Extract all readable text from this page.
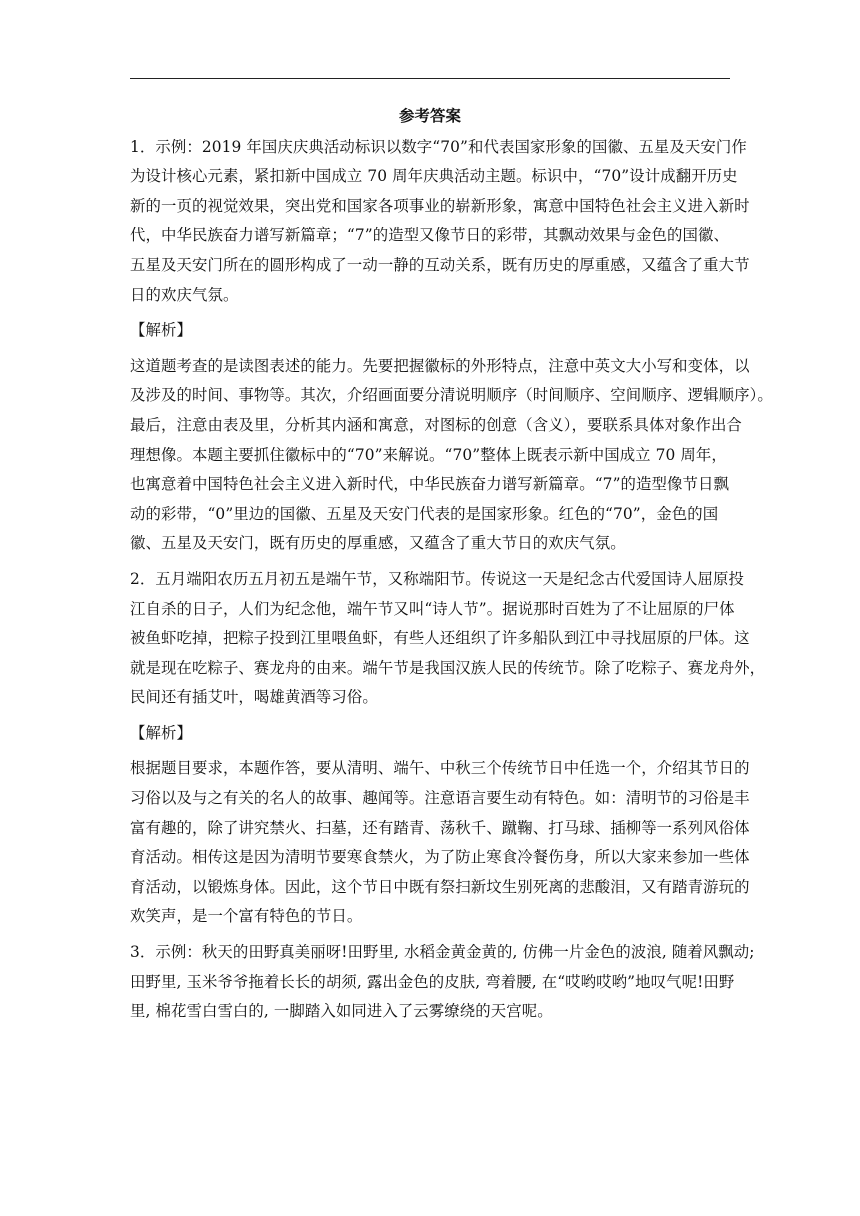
参考答案
1．示例：2019 年国庆庆典活动标识以数字“70”和代表国家形象的国徽、五星及天安门作
为设计核心元素，紧扣新中国成立 70 周年庆典活动主题。标识中，“70”设计成翻开历史
新的一页的视觉效果，突出党和国家各项事业的崭新形象，寓意中国特色社会主义进入新时
代，中华民族奋力谱写新篇章；“7”的造型又像节日的彩带，其飘动效果与金色的国徽、
五星及天安门所在的圆形构成了一动一静的互动关系，既有历史的厚重感，又蕴含了重大节
日的欢庆气氛。
【解析】
这道题考查的是读图表述的能力。先要把握徽标的外形特点，注意中英文大小写和变体，以
及涉及的时间、事物等。其次，介绍画面要分清说明顺序（时间顺序、空间顺序、逻辑顺序）。
最后，注意由表及里，分析其内涵和寓意，对图标的创意（含义），要联系具体对象作出合
理想像。本题主要抓住徽标中的“70”来解说。“70”整体上既表示新中国成立 70 周年，
也寓意着中国特色社会主义进入新时代，中华民族奋力谱写新篇章。“7”的造型像节日飘
动的彩带，“0”里边的国徽、五星及天安门代表的是国家形象。红色的“70”，金色的国
徽、五星及天安门，既有历史的厚重感，又蕴含了重大节日的欢庆气氛。
2．五月端阳农历五月初五是端午节，又称端阳节。传说这一天是纪念古代爱国诗人屈原投
江自杀的日子，人们为纪念他，端午节又叫“诗人节”。据说那时百姓为了不让屈原的尸体
被鱼虾吃掉，把粽子投到江里喂鱼虾，有些人还组织了许多船队到江中寻找屈原的尸体。这
就是现在吃粽子、赛龙舟的由来。端午节是我国汉族人民的传统节。除了吃粽子、赛龙舟外，
民间还有插艾叶，喝雄黄酒等习俗。
【解析】
根据题目要求，本题作答，要从清明、端午、中秋三个传统节日中任选一个，介绍其节日的
习俗以及与之有关的名人的故事、趣闻等。注意语言要生动有特色。如：清明节的习俗是丰
富有趣的，除了讲究禁火、扫墓，还有踏青、荡秋千、蹴鞠、打马球、插柳等一系列风俗体
育活动。相传这是因为清明节要寒食禁火，为了防止寒食冷餐伤身，所以大家来参加一些体
育活动，以锻炼身体。因此，这个节日中既有祭扫新坟生别死离的悲酸泪，又有踏青游玩的
欢笑声，是一个富有特色的节日。
3．示例：秋天的田野真美丽呀!田野里, 水稻金黄金黄的, 仿佛一片金色的波浪, 随着风飘动;
田野里, 玉米爷爷拖着长长的胡须, 露出金色的皮肤, 弯着腰, 在“哎哟哎哟”地叹气呢!田野
里, 棉花雪白雪白的, 一脚踏入如同进入了云雾缭绕的天宫呢。
